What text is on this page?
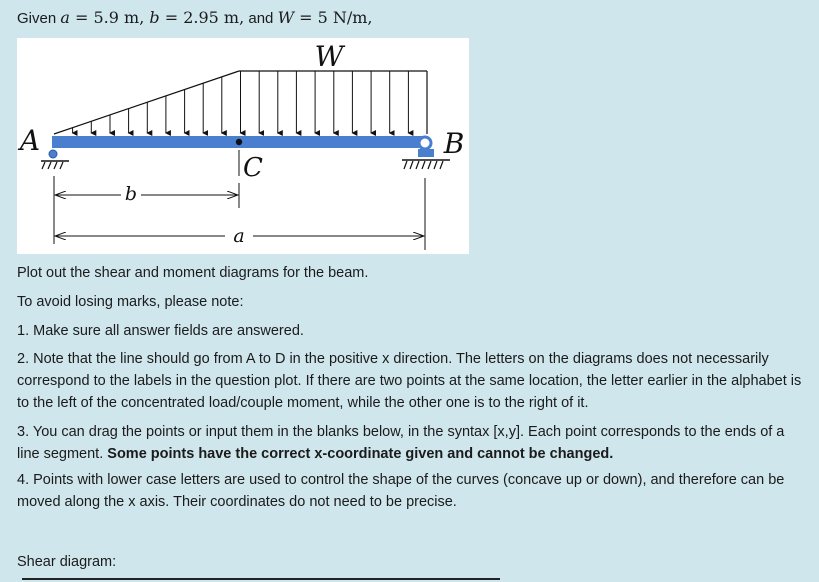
Given a = 5.9 m, b = 2.95 m, and W = 5 N/m,
W
C
A	B
b
a

Plot out the shear and moment diagrams for the beam.

To avoid losing marks, please note:

1. Make sure all answer fields are answered.

2. Note that the line should go from A to D in the positive x direction. The letters on the diagrams does not necessarily correspond to the labels in the question plot. If there are two points at the same location, the letter earlier in the alphabet is to the left of the concentrated load/couple moment, while the other one is to the right of it.

3. You can drag the points or input them in the blanks below, in the syntax [x,y]. Each point corresponds to the ends of a line segment. Some points have the correct x-coordinate given and cannot be changed.

4. Points with lower case letters are used to control the shape of the curves (concave up or down), and therefore can be moved along the x axis. Their coordinates do not need to be precise.

Shear diagram:
